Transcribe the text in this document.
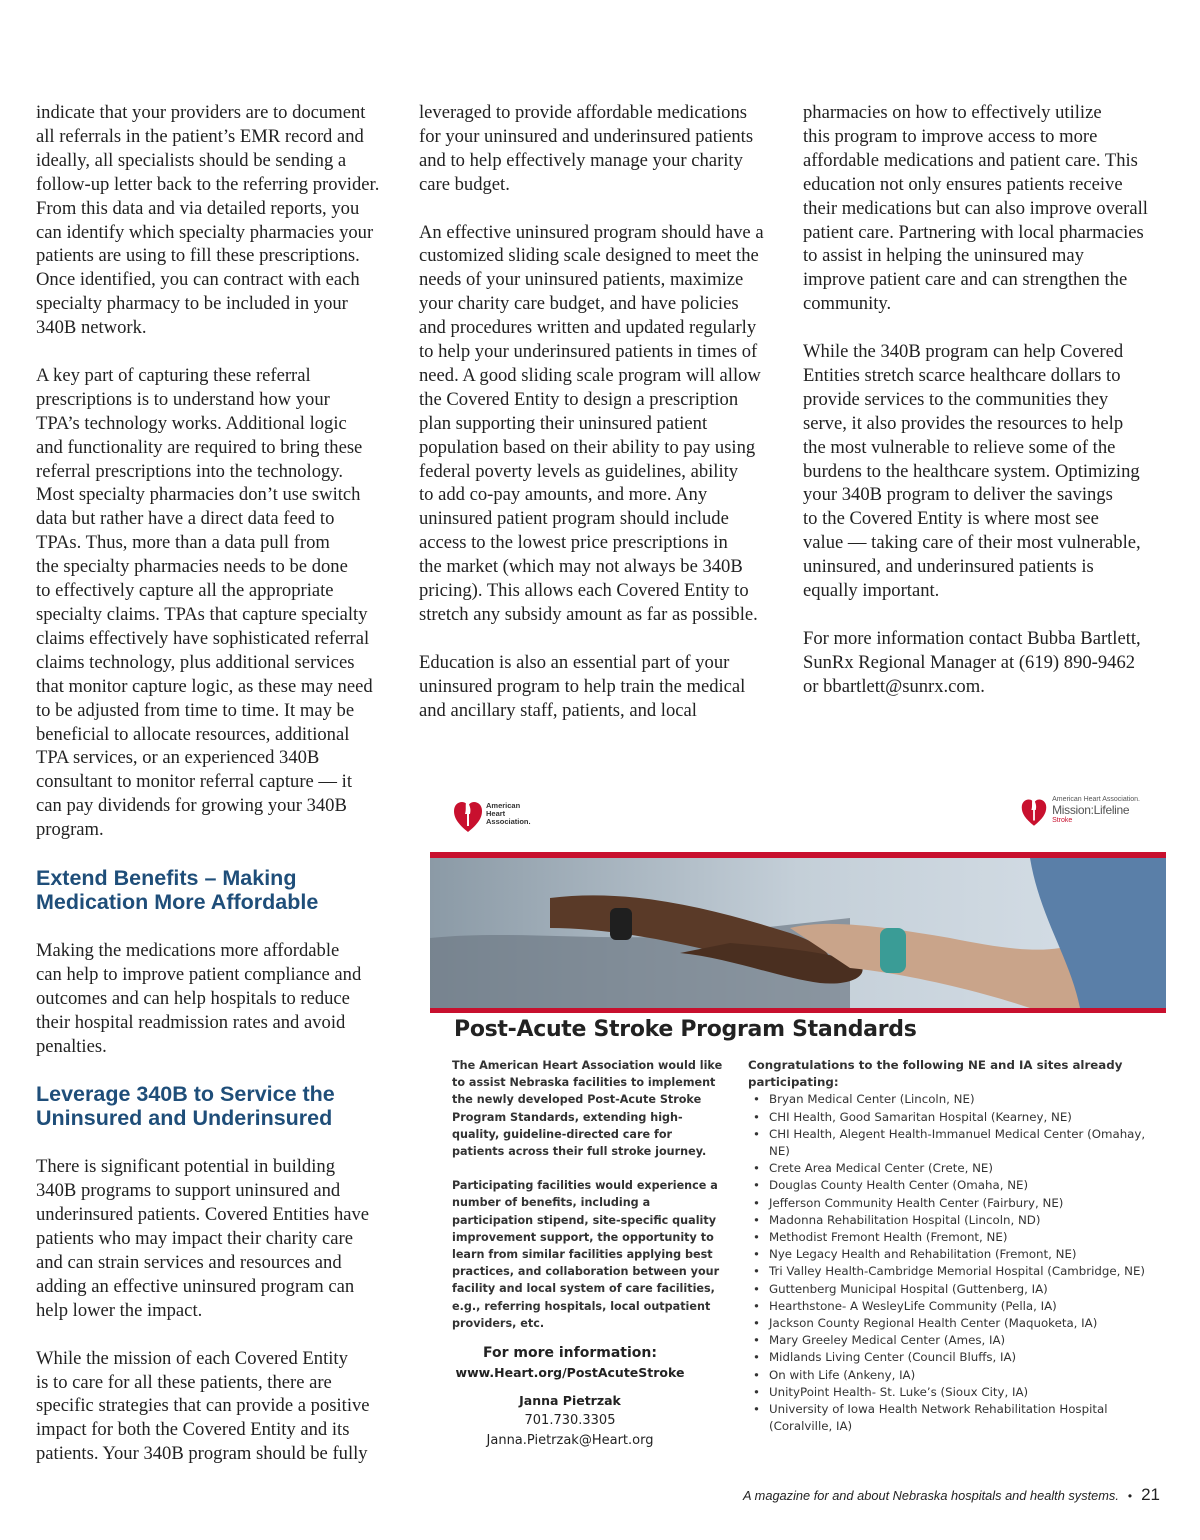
indicate that your providers are to document
all referrals in the patient’s EMR record and
ideally, all specialists should be sending a
follow-up letter back to the referring provider.
From this data and via detailed reports, you
can identify which specialty pharmacies your
patients are using to fill these prescriptions.
Once identified, you can contract with each
specialty pharmacy to be included in your
340B network.

A key part of capturing these referral
prescriptions is to understand how your
TPA’s technology works. Additional logic
and functionality are required to bring these
referral prescriptions into the technology.
Most specialty pharmacies don’t use switch
data but rather have a direct data feed to
TPAs. Thus, more than a data pull from
the specialty pharmacies needs to be done
to effectively capture all the appropriate
specialty claims. TPAs that capture specialty
claims effectively have sophisticated referral
claims technology, plus additional services
that monitor capture logic, as these may need
to be adjusted from time to time. It may be
beneficial to allocate resources, additional
TPA services, or an experienced 340B
consultant to monitor referral capture — it
can pay dividends for growing your 340B
program.

Extend Benefits – Making
Medication More Affordable

Making the medications more affordable
can help to improve patient compliance and
outcomes and can help hospitals to reduce
their hospital readmission rates and avoid
penalties.

Leverage 340B to Service the
Uninsured and Underinsured

There is significant potential in building
340B programs to support uninsured and
underinsured patients. Covered Entities have
patients who may impact their charity care
and can strain services and resources and
adding an effective uninsured program can
help lower the impact.

While the mission of each Covered Entity
is to care for all these patients, there are
specific strategies that can provide a positive
impact for both the Covered Entity and its
patients. Your 340B program should be fully

leveraged to provide affordable medications
for your uninsured and underinsured patients
and to help effectively manage your charity
care budget.

An effective uninsured program should have a
customized sliding scale designed to meet the
needs of your uninsured patients, maximize
your charity care budget, and have policies
and procedures written and updated regularly
to help your underinsured patients in times of
need. A good sliding scale program will allow
the Covered Entity to design a prescription
plan supporting their uninsured patient
population based on their ability to pay using
federal poverty levels as guidelines, ability
to add co-pay amounts, and more. Any
uninsured patient program should include
access to the lowest price prescriptions in
the market (which may not always be 340B
pricing). This allows each Covered Entity to
stretch any subsidy amount as far as possible.

Education is also an essential part of your
uninsured program to help train the medical
and ancillary staff, patients, and local

pharmacies on how to effectively utilize
this program to improve access to more
affordable medications and patient care. This
education not only ensures patients receive
their medications but can also improve overall
patient care. Partnering with local pharmacies
to assist in helping the uninsured may
improve patient care and can strengthen the
community.

While the 340B program can help Covered
Entities stretch scarce healthcare dollars to
provide services to the communities they
serve, it also provides the resources to help
the most vulnerable to relieve some of the
burdens to the healthcare system. Optimizing
your 340B program to deliver the savings
to the Covered Entity is where most see
value — taking care of their most vulnerable,
uninsured, and underinsured patients is
equally important.

For more information contact Bubba Bartlett,
SunRx Regional Manager at (619) 890-9462
or bbartlett@sunrx.com.

American
Heart
Association.
American Heart Association.
Mission:Lifeline
Stroke
Post-Acute Stroke Program Standards

The American Heart Association would like to assist Nebraska facilities to implement the newly developed Post-Acute Stroke Program Standards, extending high-quality, guideline-directed care for patients across their full stroke journey.

Participating facilities would experience a number of benefits, including a participation stipend, site-specific quality improvement support, the opportunity to learn from similar facilities applying best practices, and collaboration between your facility and local system of care facilities, e.g., referring hospitals, local outpatient providers, etc.

For more information:
www.Heart.org/PostAcuteStroke
Janna Pietrzak
701.730.3305
Janna.Pietrzak@Heart.org

Congratulations to the following NE and IA sites already participating:

• Bryan Medical Center (Lincoln, NE)
• CHI Health, Good Samaritan Hospital (Kearney, NE)
• CHI Health, Alegent Health-Immanuel Medical Center (Omahay, NE)
• Crete Area Medical Center (Crete, NE)
• Douglas County Health Center (Omaha, NE)
• Jefferson Community Health Center (Fairbury, NE)
• Madonna Rehabilitation Hospital (Lincoln, ND)
• Methodist Fremont Health (Fremont, NE)
• Nye Legacy Health and Rehabilitation (Fremont, NE)
• Tri Valley Health-Cambridge Memorial Hospital (Cambridge, NE)
• Guttenberg Municipal Hospital (Guttenberg, IA)
• Hearthstone- A WesleyLife Community (Pella, IA)
• Jackson County Regional Health Center (Maquoketa, IA)
• Mary Greeley Medical Center (Ames, IA)
• Midlands Living Center (Council Bluffs, IA)
• On with Life (Ankeny, IA)
• UnityPoint Health- St. Luke’s (Sioux City, IA)
• University of Iowa Health Network Rehabilitation Hospital (Coralville, IA)
A magazine for and about Nebraska hospitals and health systems. • 21
